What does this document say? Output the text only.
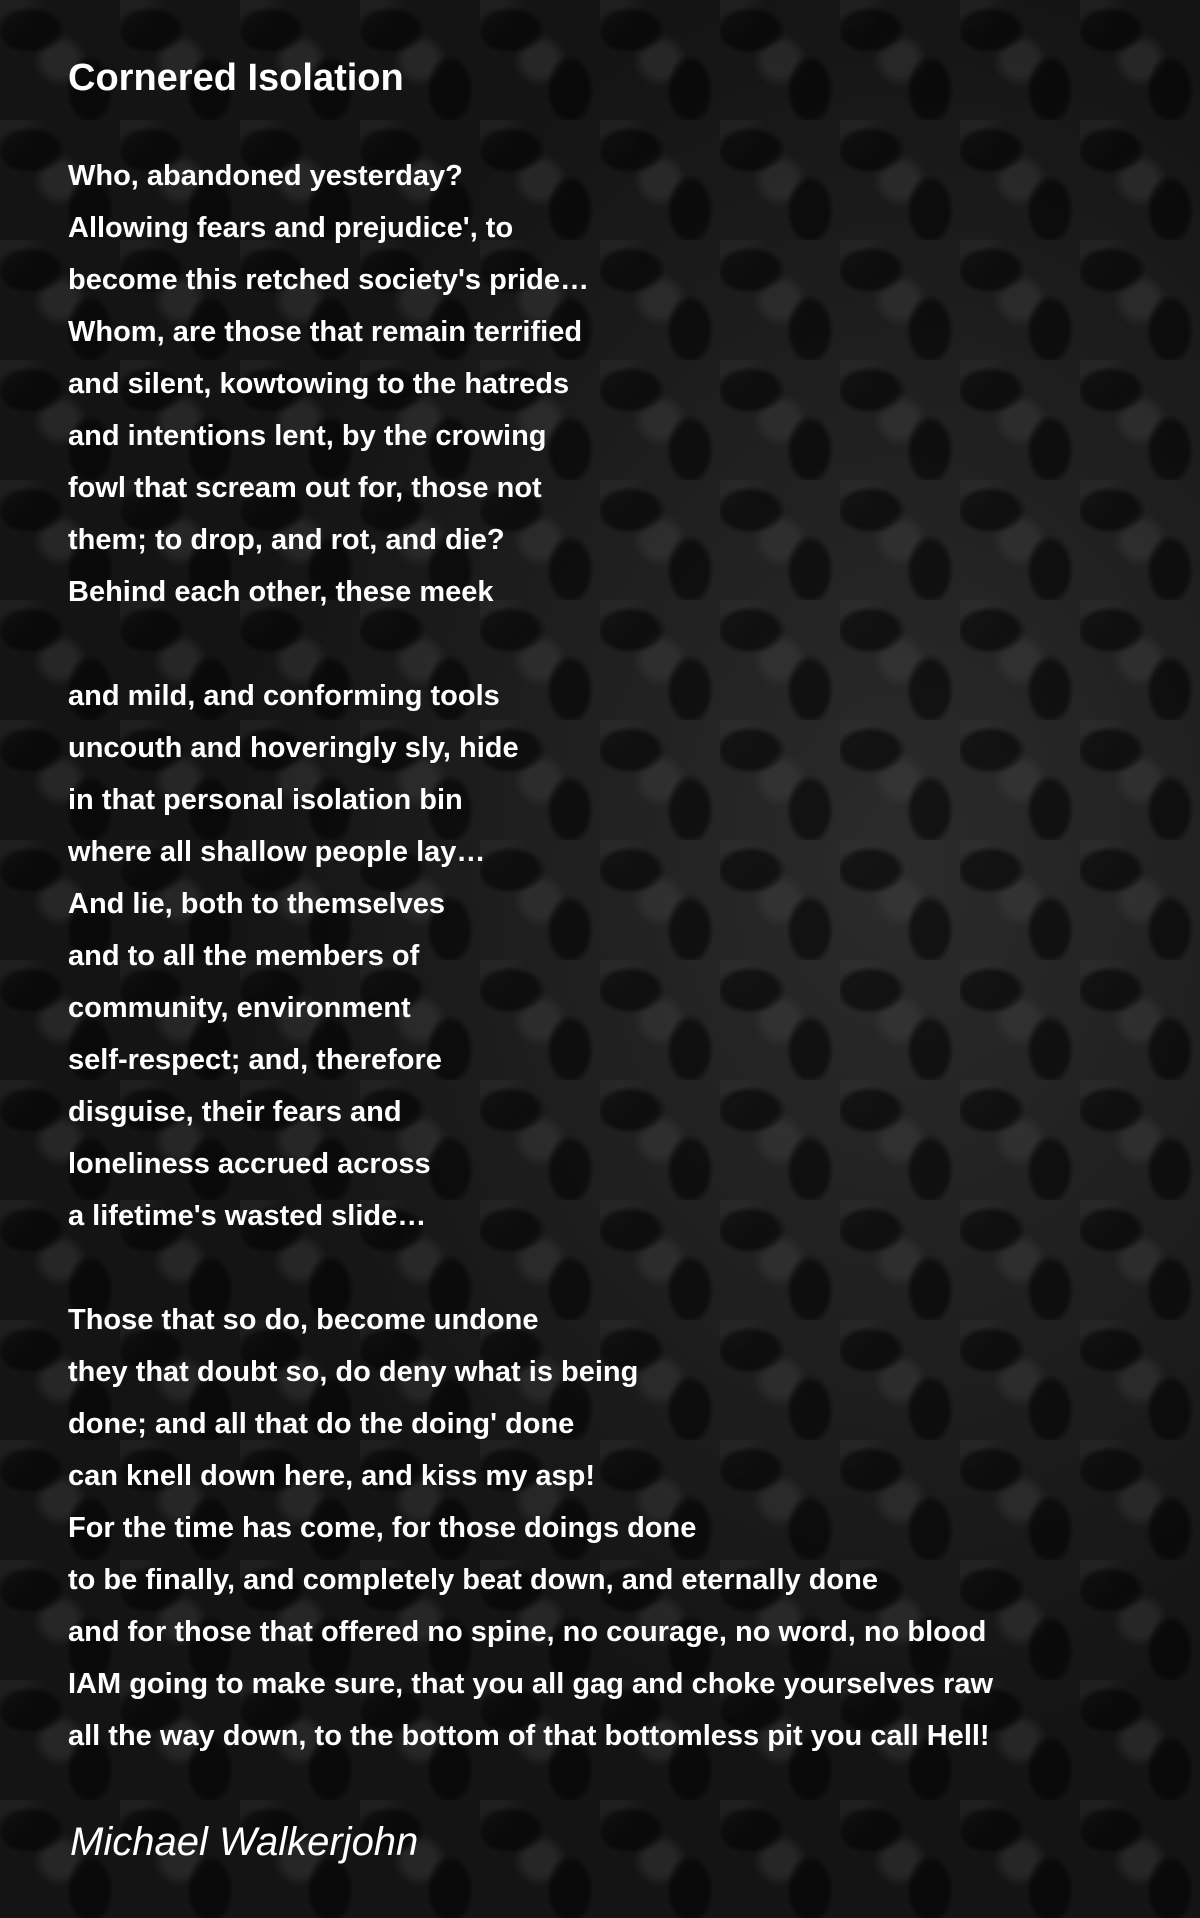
Cornered Isolation
Who, abandoned yesterday?
Allowing fears and prejudice', to
become this retched society's pride…
Whom, are those that remain terrified
and silent, kowtowing to the hatreds
and intentions lent, by the crowing
fowl that scream out for, those not
them; to drop, and rot, and die?
Behind each other, these meek
and mild, and conforming tools
uncouth and hoveringly sly, hide
in that personal isolation bin
where all shallow people lay…
And lie, both to themselves
and to all the members of
community, environment
self-respect; and, therefore
disguise, their fears and
loneliness accrued across
a lifetime's wasted slide…
Those that so do, become undone
they that doubt so, do deny what is being
done; and all that do the doing' done
can knell down here, and kiss my asp!
For the time has come, for those doings done
to be finally, and completely beat down, and eternally done
and for those that offered no spine, no courage, no word, no blood
IAM going to make sure, that you all gag and choke yourselves raw
all the way down, to the bottom of that bottomless pit you call Hell!

Michael Walkerjohn
